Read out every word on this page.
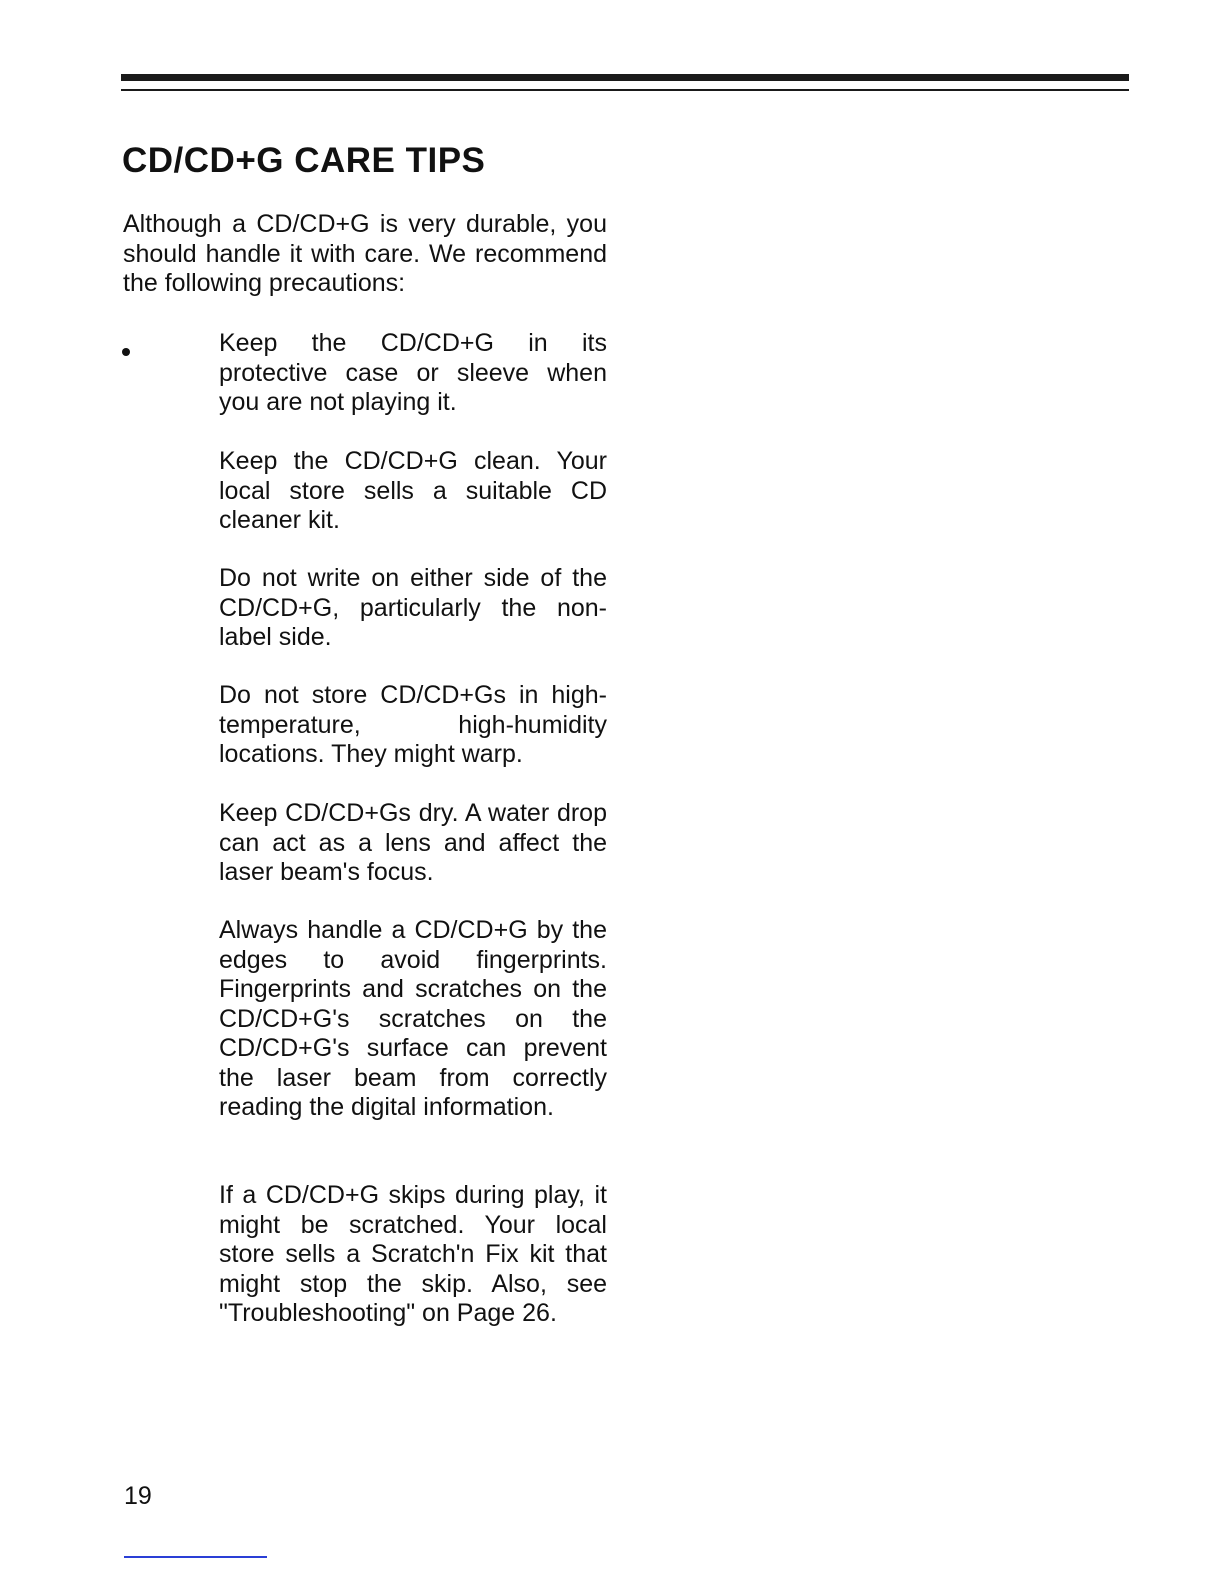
CD/CD+G CARE TIPS

Although a CD/CD+G is very durable, you should handle it with care. We recommend the following precautions:

Keep the CD/CD+G in its protective case or sleeve when you are not playing it.

Keep the CD/CD+G clean. Your local store sells a suitable CD cleaner kit.

Do not write on either side of the CD/CD+G, particularly the non-label side.

Do not store CD/CD+Gs in high-temperature, high-humidity locations. They might warp.

Keep CD/CD+Gs dry. A water drop can act as a lens and affect the laser beam's focus.

Always handle a CD/CD+G by the edges to avoid fingerprints. Fingerprints and scratches on the CD/CD+G's scratches on the CD/CD+G's surface can prevent the laser beam from correctly reading the digital information.

If a CD/CD+G skips during play, it might be scratched. Your local store sells a Scratch'n Fix kit that might stop the skip. Also, see "Troubleshooting" on Page 26.

19
